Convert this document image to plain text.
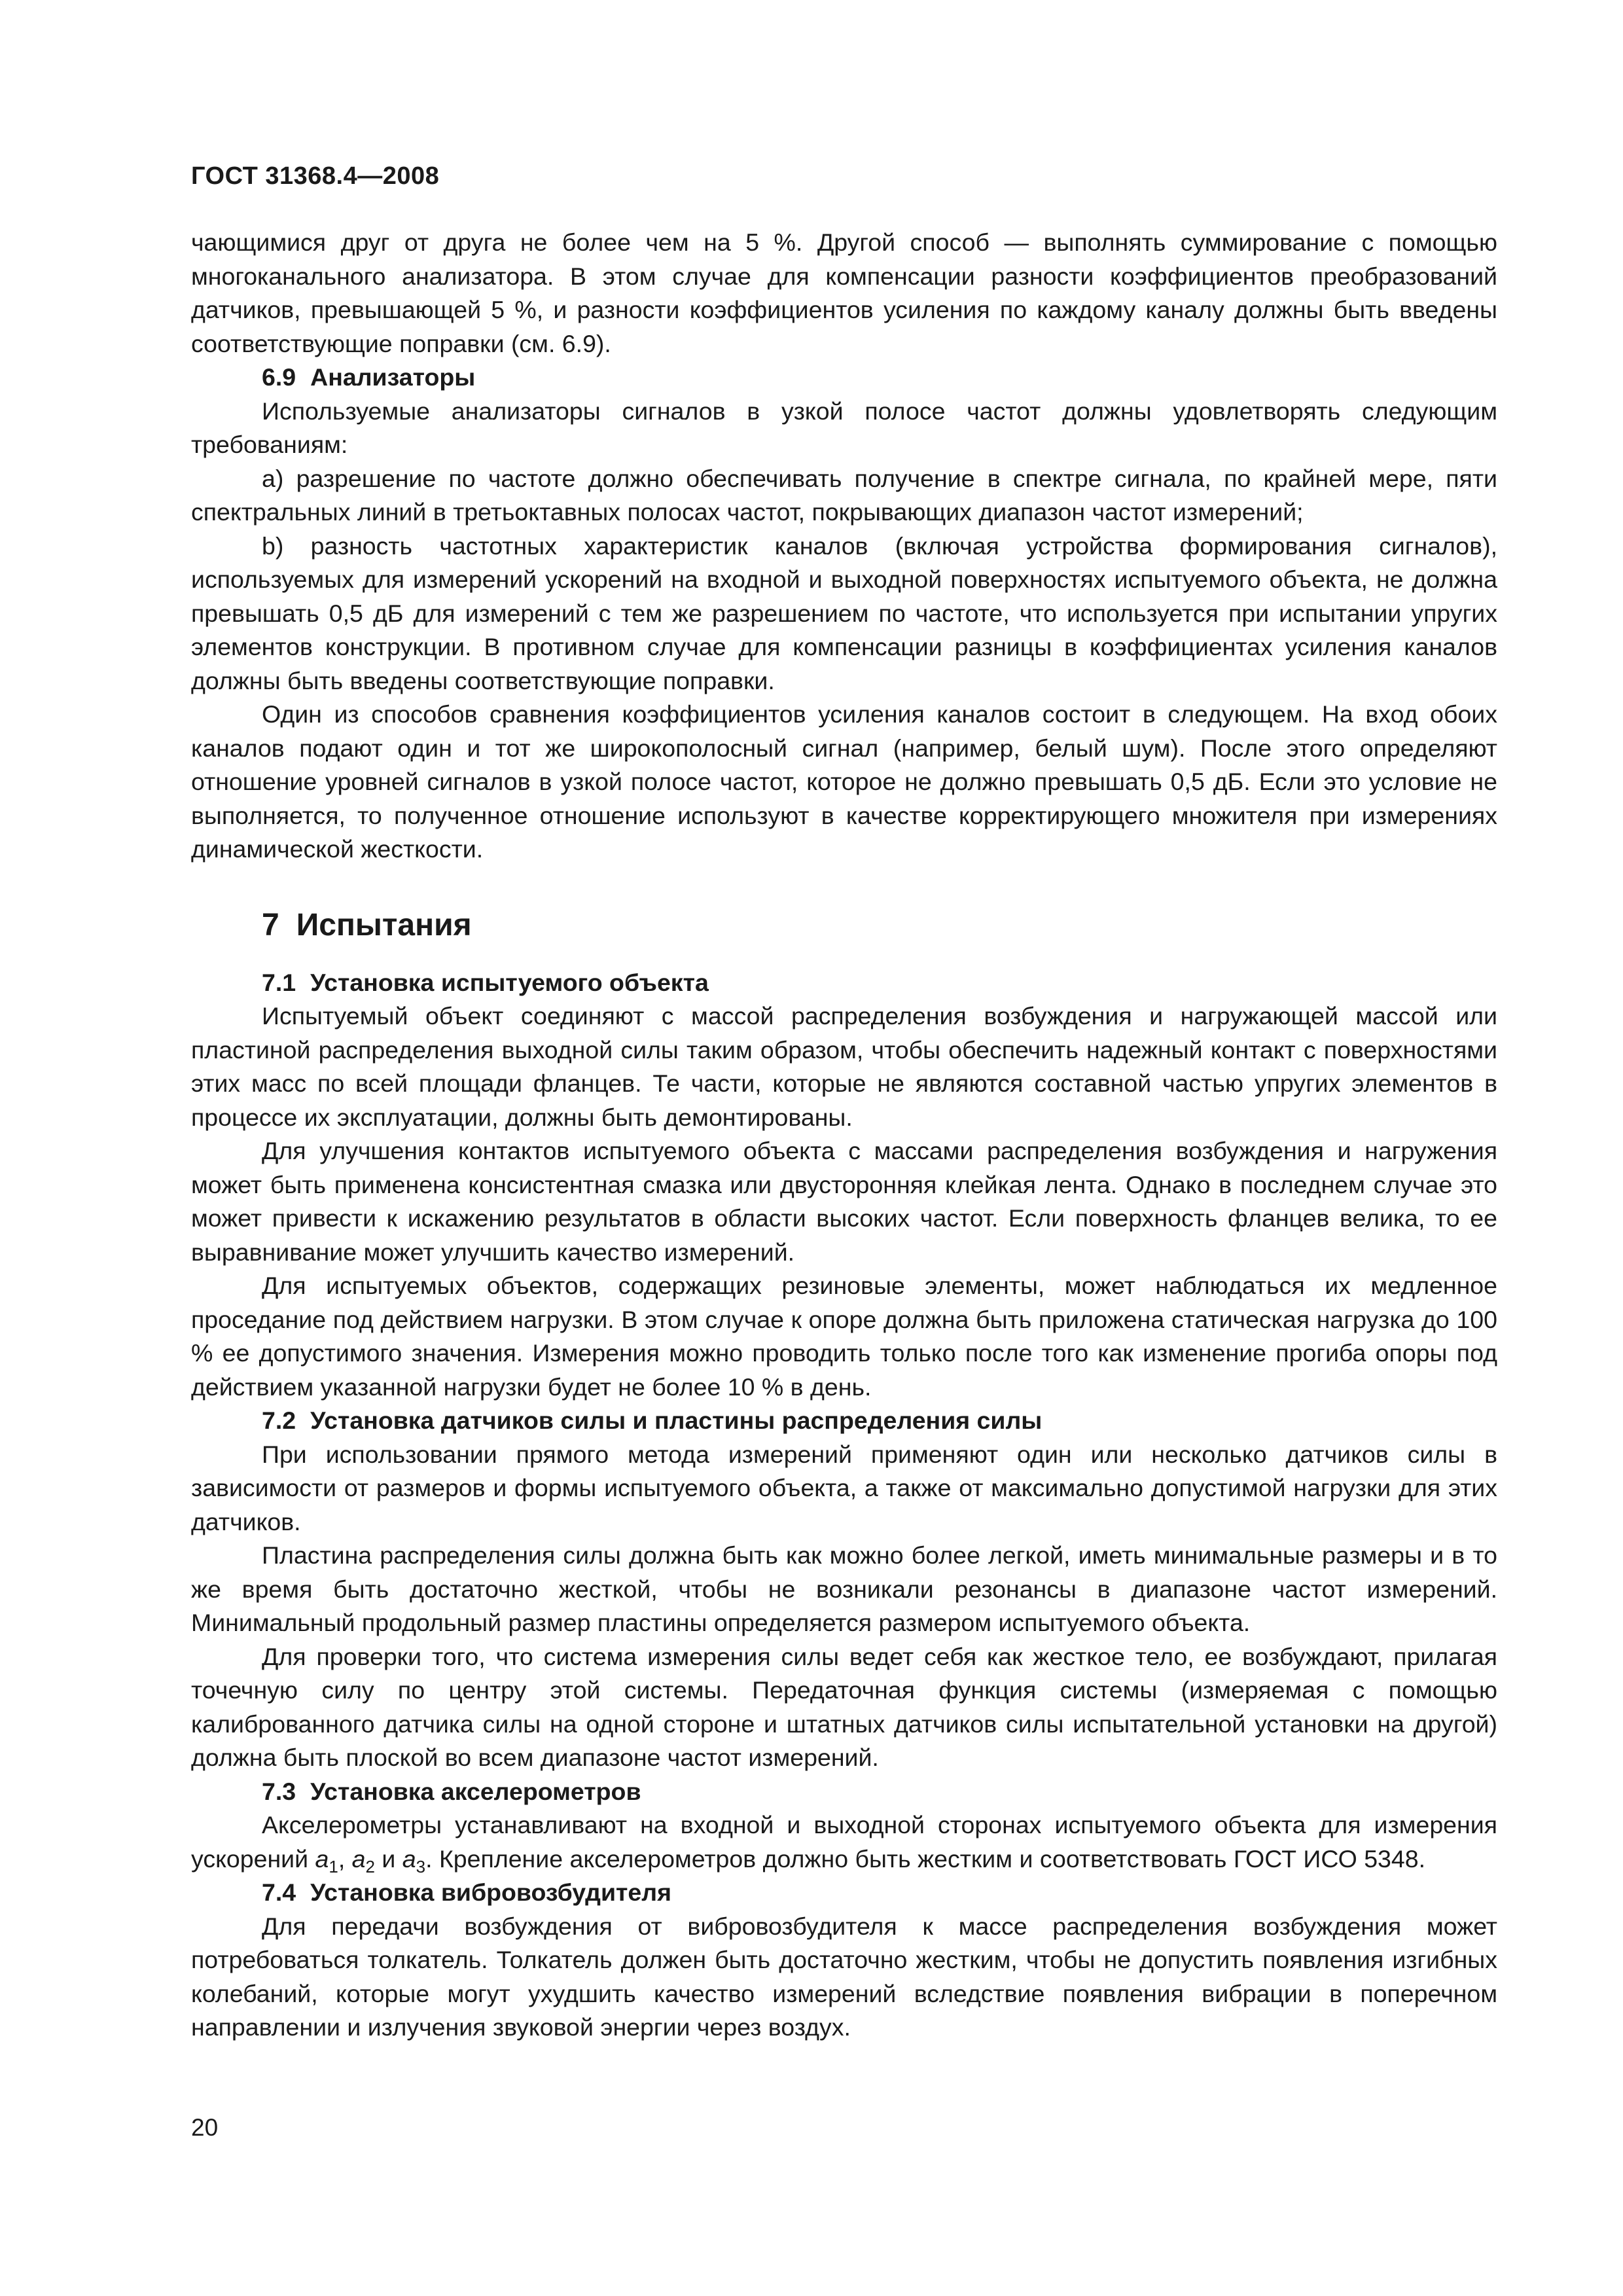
ГОСТ 31368.4—2008

чающимися друг от друга не более чем на 5 %. Другой способ — выполнять суммирование с помощью многоканального анализатора. В этом случае для компенсации разности коэффициентов преобразований датчиков, превышающей 5 %, и разности коэффициентов усиления по каждому каналу должны быть введены соответствующие поправки (см. 6.9).

6.9 Анализаторы

Используемые анализаторы сигналов в узкой полосе частот должны удовлетворять следующим требованиям:

а) разрешение по частоте должно обеспечивать получение в спектре сигнала, по крайней мере, пяти спектральных линий в третьоктавных полосах частот, покрывающих диапазон частот измерений;

b) разность частотных характеристик каналов (включая устройства формирования сигналов), используемых для измерений ускорений на входной и выходной поверхностях испытуемого объекта, не должна превышать 0,5 дБ для измерений с тем же разрешением по частоте, что используется при испытании упругих элементов конструкции. В противном случае для компенсации разницы в коэффициентах усиления каналов должны быть введены соответствующие поправки.

Один из способов сравнения коэффициентов усиления каналов состоит в следующем. На вход обоих каналов подают один и тот же широкополосный сигнал (например, белый шум). После этого определяют отношение уровней сигналов в узкой полосе частот, которое не должно превышать 0,5 дБ. Если это условие не выполняется, то полученное отношение используют в качестве корректирующего множителя при измерениях динамической жесткости.

7 Испытания

7.1 Установка испытуемого объекта

Испытуемый объект соединяют с массой распределения возбуждения и нагружающей массой или пластиной распределения выходной силы таким образом, чтобы обеспечить надежный контакт с поверхностями этих масс по всей площади фланцев. Те части, которые не являются составной частью упругих элементов в процессе их эксплуатации, должны быть демонтированы.

Для улучшения контактов испытуемого объекта с массами распределения возбуждения и нагружения может быть применена консистентная смазка или двусторонняя клейкая лента. Однако в последнем случае это может привести к искажению результатов в области высоких частот. Если поверхность фланцев велика, то ее выравнивание может улучшить качество измерений.

Для испытуемых объектов, содержащих резиновые элементы, может наблюдаться их медленное проседание под действием нагрузки. В этом случае к опоре должна быть приложена статическая нагрузка до 100 % ее допустимого значения. Измерения можно проводить только после того как изменение прогиба опоры под действием указанной нагрузки будет не более 10 % в день.

7.2 Установка датчиков силы и пластины распределения силы

При использовании прямого метода измерений применяют один или несколько датчиков силы в зависимости от размеров и формы испытуемого объекта, а также от максимально допустимой нагрузки для этих датчиков.

Пластина распределения силы должна быть как можно более легкой, иметь минимальные размеры и в то же время быть достаточно жесткой, чтобы не возникали резонансы в диапазоне частот измерений. Минимальный продольный размер пластины определяется размером испытуемого объекта.

Для проверки того, что система измерения силы ведет себя как жесткое тело, ее возбуждают, прилагая точечную силу по центру этой системы. Передаточная функция системы (измеряемая с помощью калиброванного датчика силы на одной стороне и штатных датчиков силы испытательной установки на другой) должна быть плоской во всем диапазоне частот измерений.

7.3 Установка акселерометров

Акселерометры устанавливают на входной и выходной сторонах испытуемого объекта для измерения ускорений $a_1$, $a_2$ и $a_3$. Крепление акселерометров должно быть жестким и соответствовать ГОСТ ИСО 5348.

7.4 Установка вибровозбудителя

Для передачи возбуждения от вибровозбудителя к массе распределения возбуждения может потребоваться толкатель. Толкатель должен быть достаточно жестким, чтобы не допустить появления изгибных колебаний, которые могут ухудшить качество измерений вследствие появления вибрации в поперечном направлении и излучения звуковой энергии через воздух.

20
